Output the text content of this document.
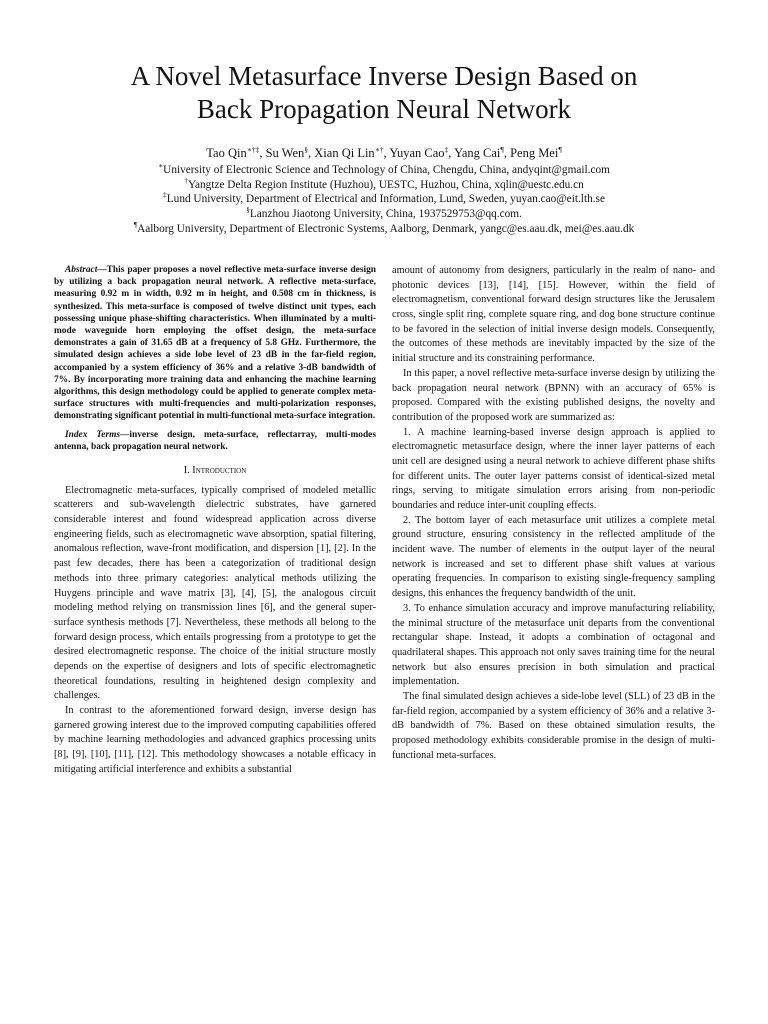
A Novel Metasurface Inverse Design Based on
Back Propagation Neural Network
Tao Qin∗†‡, Su Wen§, Xian Qi Lin∗†, Yuyan Cao‡, Yang Cai¶, Peng Mei¶
∗University of Electronic Science and Technology of China, Chengdu, China, andyqint@gmail.com
†Yangtze Delta Region Institute (Huzhou), UESTC, Huzhou, China, xqlin@uestc.edu.cn
‡Lund University, Department of Electrical and Information, Lund, Sweden, yuyan.cao@eit.lth.se
§Lanzhou Jiaotong University, China, 1937529753@qq.com.
¶Aalborg University, Department of Electronic Systems, Aalborg, Denmark, yangc@es.aau.dk, mei@es.aau.dk

Abstract—This paper proposes a novel reflective meta-surface inverse design by utilizing a back propagation neural network. A reflective meta-surface, measuring 0.92 m in width, 0.92 m in height, and 0.508 cm in thickness, is synthesized. This meta-surface is composed of twelve distinct unit types, each possessing unique phase-shifting characteristics. When illuminated by a multi-mode waveguide horn employing the offset design, the meta-surface demonstrates a gain of 31.65 dB at a frequency of 5.8 GHz. Furthermore, the simulated design achieves a side lobe level of 23 dB in the far-field region, accompanied by a system efficiency of 36% and a relative 3-dB bandwidth of 7%. By incorporating more training data and enhancing the machine learning algorithms, this design methodology could be applied to generate complex meta-surface structures with multi-frequencies and multi-polarization responses, demonstrating significant potential in multi-functional meta-surface integration.

Index Terms—inverse design, meta-surface, reflectarray, multi-modes antenna, back propagation neural network.

I. Introduction

Electromagnetic meta-surfaces, typically comprised of modeled metallic scatterers and sub-wavelength dielectric substrates, have garnered considerable interest and found widespread application across diverse engineering fields, such as electromagnetic wave absorption, spatial filtering, anomalous reflection, wave-front modification, and dispersion [1], [2]. In the past few decades, there has been a categorization of traditional design methods into three primary categories: analytical methods utilizing the Huygens principle and wave matrix [3], [4], [5], the analogous circuit modeling method relying on transmission lines [6], and the general super-surface synthesis methods [7]. Nevertheless, these methods all belong to the forward design process, which entails progressing from a prototype to get the desired electromagnetic response. The choice of the initial structure mostly depends on the expertise of designers and lots of specific electromagnetic theoretical foundations, resulting in heightened design complexity and challenges.

In contrast to the aforementioned forward design, inverse design has garnered growing interest due to the improved computing capabilities offered by machine learning methodologies and advanced graphics processing units [8], [9], [10], [11], [12]. This methodology showcases a notable efficacy in mitigating artificial interference and exhibits a substantial

amount of autonomy from designers, particularly in the realm of nano- and photonic devices [13], [14], [15]. However, within the field of electromagnetism, conventional forward design structures like the Jerusalem cross, single split ring, complete square ring, and dog bone structure continue to be favored in the selection of initial inverse design models. Consequently, the outcomes of these methods are inevitably impacted by the size of the initial structure and its constraining performance.

In this paper, a novel reflective meta-surface inverse design by utilizing the back propagation neural network (BPNN) with an accuracy of 65% is proposed. Compared with the existing published designs, the novelty and contribution of the proposed work are summarized as:

1. A machine learning-based inverse design approach is applied to electromagnetic metasurface design, where the inner layer patterns of each unit cell are designed using a neural network to achieve different phase shifts for different units. The outer layer patterns consist of identical-sized metal rings, serving to mitigate simulation errors arising from non-periodic boundaries and reduce inter-unit coupling effects.

2. The bottom layer of each metasurface unit utilizes a complete metal ground structure, ensuring consistency in the reflected amplitude of the incident wave. The number of elements in the output layer of the neural network is increased and set to different phase shift values at various operating frequencies. In comparison to existing single-frequency sampling designs, this enhances the frequency bandwidth of the unit.

3. To enhance simulation accuracy and improve manufacturing reliability, the minimal structure of the metasurface unit departs from the conventional rectangular shape. Instead, it adopts a combination of octagonal and quadrilateral shapes. This approach not only saves training time for the neural network but also ensures precision in both simulation and practical implementation.

The final simulated design achieves a side-lobe level (SLL) of 23 dB in the far-field region, accompanied by a system efficiency of 36% and a relative 3-dB bandwidth of 7%. Based on these obtained simulation results, the proposed methodology exhibits considerable promise in the design of multi-functional meta-surfaces.
